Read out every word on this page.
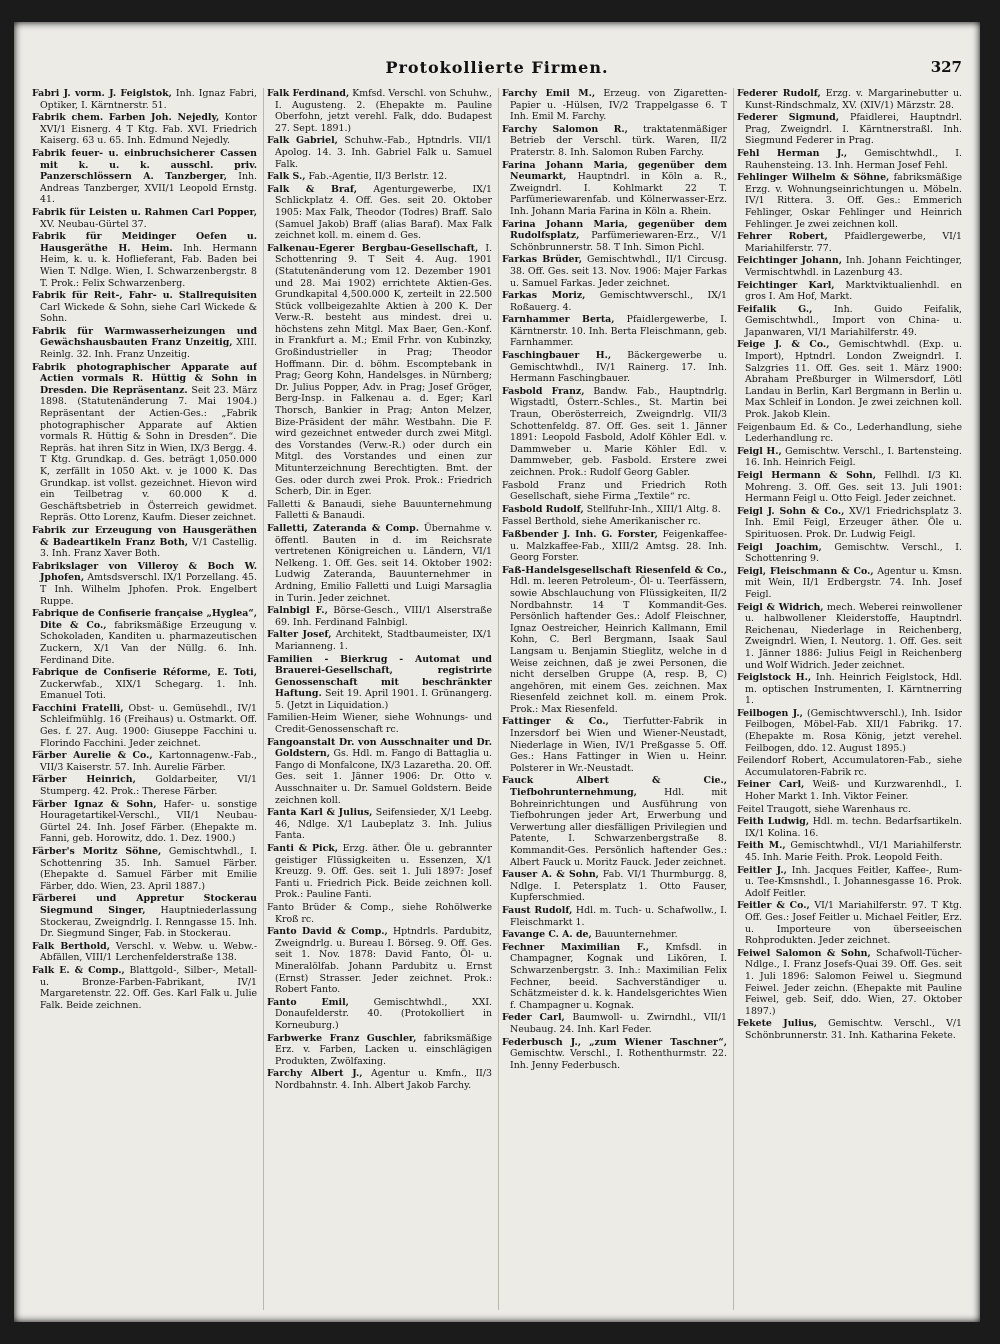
Protokollierte Firmen.	327

Fabri J. vorm. J. Feiglstok, Inh. Ignaz Fabri, Optiker, I. Kärntnerstr. 51.

Fabrik chem. Farben Joh. Nejedly, Kontor XVI/1 Eisnerg. 4 T Ktg. Fab. XVI. Friedrich Kaiserg. 63 u. 65. Inh. Edmund Nejedly.

Fabrik feuer- u. einbruchsicherer Cassen mit k. u. k. ausschl. priv. Panzerschlössern A. Tanzberger, Inh. Andreas Tanzberger, XVII/1 Leopold Ernstg. 41.

Fabrik für Leisten u. Rahmen Carl Popper, XV. Neubau-Gürtel 37.

Fabrik für Meidinger Oefen u. Hausgeräthe H. Heim. Inh. Hermann Heim, k. u. k. Hoflieferant, Fab. Baden bei Wien T. Ndlge. Wien, I. Schwarzenbergstr. 8 T. Prok.: Felix Schwarzenberg.

Fabrik für Reit-, Fahr- u. Stallrequisiten Carl Wickede & Sohn, siehe Carl Wickede & Sohn.

Fabrik für Warmwasserheizungen und Gewächshausbauten Franz Unzeitig, XIII. Reinlg. 32. Inh. Franz Unzeitig.

Fabrik photographischer Apparate auf Actien vormals R. Hüttig & Sohn in Dresden. Die Repräsentanz. Seit 23. März 1898. (Statutenänderung 7. Mai 1904.) Repräsentant der Actien-Ges.: „Fabrik photographischer Apparate auf Aktien vormals R. Hüttig & Sohn in Dresden“. Die Repräs. hat ihren Sitz in Wien, IX/3 Bergg. 4. T Ktg. Grundkap. d. Ges. beträgt 1,050.000 K, zerfällt in 1050 Akt. v. je 1000 K. Das Grundkap. ist vollst. gezeichnet. Hievon wird ein Teilbetrag v. 60.000 K d. Geschäftsbetrieb in Österreich gewidmet. Repräs. Otto Lorenz, Kaufm. Dieser zeichnet.

Fabrik zur Erzeugung von Hausgeräthen & Badeartikeln Franz Both, V/1 Castellig. 3. Inh. Franz Xaver Both.

Fabrikslager von Villeroy & Boch W. Jphofen, Amtsdsverschl. IX/1 Porzellang. 45. T Inh. Wilhelm Jphofen. Prok. Engelbert Ruppe.

Fabrique de Confiserie française „Hyglea“, Dite & Co., fabriksmäßige Erzeugung v. Schokoladen, Kanditen u. pharmazeutischen Zuckern, X/1 Van der Nüllg. 6. Inh. Ferdinand Dite.

Fabrique de Confiserie Réforme, E. Toti, Zuckerwfab., XIX/1 Schegarg. 1. Inh. Emanuel Toti.

Facchini Fratelli, Obst- u. Gemüsehdl., IV/1 Schleifmühlg. 16 (Freihaus) u. Ostmarkt. Off. Ges. f. 27. Aug. 1900: Giuseppe Facchini u. Florindo Facchini. Jeder zeichnet.

Färber Aurelie & Co., Kartonnagenw.-Fab., VII/3 Kaiserstr. 57. Inh. Aurelie Färber.

Färber Heinrich, Goldarbeiter, VI/1 Stumperg. 42. Prok.: Therese Färber.

Färber Ignaz & Sohn, Hafer- u. sonstige Houragetartikel-Verschl., VII/1 Neubau-Gürtel 24. Inh. Josef Färber. (Ehepakte m. Fanni, geb. Horowitz, ddo. 1. Dez. 1900.)

Färber's Moritz Söhne, Gemischtwhdl., I. Schottenring 35. Inh. Samuel Färber. (Ehepakte d. Samuel Färber mit Emilie Färber, ddo. Wien, 23. April 1887.)

Färberei und Appretur Stockerau Siegmund Singer, Hauptniederlassung Stockerau, Zweigndrlg. I. Renngasse 15. Inh. Dr. Siegmund Singer, Fab. in Stockerau.

Falk Berthold, Verschl. v. Webw. u. Webw.-Abfällen, VIII/1 Lerchenfelderstraße 138.

Falk E. & Comp., Blattgold-, Silber-, Metall- u. Bronze-Farben-Fabrikant, IV/1 Margaretenstr. 22. Off. Ges. Karl Falk u. Julie Falk. Beide zeichnen.

Falk Ferdinand, Kmfsd. Verschl. von Schuhw., I. Augusteng. 2. (Ehepakte m. Pauline Oberfohn, jetzt verehl. Falk, ddo. Budapest 27. Sept. 1891.)

Falk Gabriel, Schuhw.-Fab., Hptndrls. VII/1 Apolog. 14. 3. Inh. Gabriel Falk u. Samuel Falk.

Falk S., Fab.-Agentie, II/3 Berlstr. 12.

Falk & Braf, Agenturgewerbe, IX/1 Schlickplatz 4. Off. Ges. seit 20. Oktober 1905: Max Falk, Theodor (Todres) Braff. Salo (Samuel Jakob) Braff (alias Baraf). Max Falk zeichnet koll. m. einem d. Ges.

Falkenau-Egerer Bergbau-Gesellschaft, I. Schottenring 9. T Seit 4. Aug. 1901 (Statutenänderung vom 12. Dezember 1901 und 28. Mai 1902) errichtete Aktien-Ges. Grundkapital 4,500.000 K, zerteilt in 22.500 Stück vollbeigezahlte Aktien à 200 K. Der Verw.-R. besteht aus mindest. drei u. höchstens zehn Mitgl. Max Baer, Gen.-Konf. in Frankfurt a. M.; Emil Frhr. von Kubinzky, Großindustrieller in Prag; Theodor Hoffmann. Dir. d. böhm. Escomptebank in Prag; Georg Kohn, Handelsges. in Nürnberg; Dr. Julius Popper, Adv. in Prag; Josef Gröger, Berg-Insp. in Falkenau a. d. Eger; Karl Thorsch, Bankier in Prag; Anton Melzer, Bize-Präsident der mähr. Westbahn. Die F. wird gezeichnet entweder durch zwei Mitgl. des Vorstandes (Verw.-R.) oder durch ein Mitgl. des Vorstandes und einen zur Mitunterzeichnung Berechtigten. Bmt. der Ges. oder durch zwei Prok. Prok.: Friedrich Scherb, Dir. in Eger.

Falletti & Banaudi, siehe Bauunternehmung Falletti & Banaudi.

Falletti, Zateranda & Comp. Übernahme v. öffentl. Bauten in d. im Reichsrate vertretenen Königreichen u. Ländern, VI/1 Nelkeng. 1. Off. Ges. seit 14. Oktober 1902: Ludwig Zateranda, Bauunternehmer in Ardning, Emilio Falletti und Luigi Marsaglia in Turin. Jeder zeichnet.

Falnbigl F., Börse-Gesch., VIII/1 Alserstraße 69. Inh. Ferdinand Falnbigl.

Falter Josef, Architekt, Stadtbaumeister, IX/1 Marianneng. 1.

Familien - Bierkrug - Automat und Brauerei-Gesellschaft, registrirte Genossenschaft mit beschränkter Haftung. Seit 19. April 1901. I. Grünangerg. 5. (Jetzt in Liquidation.)

Familien-Heim Wiener, siehe Wohnungs- und Credit-Genossenschaft rc.

Fangoanstalt Dr. von Ausschnaiter und Dr. Goldstern, Gs. Hdl. m. Fango di Battaglia u. Fango di Monfalcone, IX/3 Lazaretha. 20. Off. Ges. seit 1. Jänner 1906: Dr. Otto v. Ausschnaiter u. Dr. Samuel Goldstern. Beide zeichnen koll.

Fanta Karl & Julius, Seifensieder, X/1 Leebg. 46, Ndlge. X/1 Laubeplatz 3. Inh. Julius Fanta.

Fanti & Pick, Erzg. äther. Öle u. gebrannter geistiger Flüssigkeiten u. Essenzen, X/1 Kreuzg. 9. Off. Ges. seit 1. Juli 1897: Josef Fanti u. Friedrich Pick. Beide zeichnen koll. Prok.: Pauline Fanti.

Fanto Brüder & Comp., siehe Rohölwerke Kroß rc.

Fanto David & Comp., Hptndrls. Pardubitz, Zweigndrlg. u. Bureau I. Börseg. 9. Off. Ges. seit 1. Nov. 1878: David Fanto, Öl- u. Mineralölfab. Johann Pardubitz u. Ernst (Ernst) Strasser. Jeder zeichnet. Prok.: Robert Fanto.

Fanto Emil,	Gemischtwhdl., XXI. Donaufelderstr. 40. (Protokolliert in Korneuburg.)

Farbwerke Franz Guschler, fabriksmäßige Erz. v. Farben, Lacken u. einschlägigen Produkten, Zwölfaxing.

Farchy Albert J., Agentur u. Kmfn., II/3 Nordbahnstr. 4. Inh. Albert Jakob Farchy.

Farchy Emil M., Erzeug. von Zigaretten-Papier u. -Hülsen, IV/2 Trappelgasse 6. T Inh. Emil M. Farchy.

Farchy Salomon R., traktatenmäßiger Betrieb der Verschl. türk. Waren, II/2 Praterstr. 8. Inh. Salomon Ruben Farchy.

Farina Johann Maria, gegenüber dem Neumarkt, Hauptndrl. in Köln a. R., Zweigndrl. I. Kohlmarkt 22 T. Parfümeriewarenfab. und Kölnerwasser-Erz. Inh. Johann Maria Farina in Köln a. Rhein.

Farina Johann Maria, gegenüber dem Rudolfsplatz, Parfümeriewaren-Erz., V/1 Schönbrunnerstr. 58. T Inh. Simon Pichl.

Farkas Brüder, Gemischtwhdl., II/1 Circusg. 38. Off. Ges. seit 13. Nov. 1906: Majer Farkas u. Samuel Farkas. Jeder zeichnet.

Farkas Moriz, Gemischtwverschl., IX/1 Roßauerg. 4.

Farnhammer Berta, Pfaidlergewerbe, I. Kärntnerstr. 10. Inh. Berta Fleischmann, geb. Farnhammer.

Faschingbauer H., Bäckergewerbe u. Gemischtwhdl., IV/1 Rainerg. 17. Inh. Hermann Faschingbauer.

Fasbold Franz, Bandw. Fab., Hauptndrlg. Wigstadtl, Österr.-Schles., St. Martin bei Traun, Oberösterreich, Zweigndrlg. VII/3 Schottenfeldg. 87. Off. Ges. seit 1. Jänner 1891: Leopold Fasbold, Adolf Köhler Edl. v. Dammweber u. Marie Köhler Edl. v. Dammweber, geb. Fasbold. Erstere zwei zeichnen. Prok.: Rudolf Georg Gabler.

Fasbold Franz und Friedrich Roth Gesellschaft, siehe Firma „Textile“ rc.

Fasbold Rudolf, Stellfuhr-Inh., XIII/1 Altg. 8.

Fassel Berthold, siehe Amerikanischer rc.

Faßbender J. Inh. G. Forster, Feigenkaffee- u. Malzkaffee-Fab., XIII/2 Amtsg. 28. Inh. Georg Forster.

Faß-Handelsgesellschaft Riesenfeld & Co., Hdl. m. leeren Petroleum-, Öl- u. Teerfässern, sowie Abschlauchung von Flüssigkeiten, II/2 Nordbahnstr. 14 T Kommandit-Ges. Persönlich haftender Ges.: Adolf Fleischner, Ignaz Oestreicher, Heinrich Kallmann, Emil Kohn, C. Berl Bergmann, Isaak Saul Langsam u. Benjamin Stieglitz, welche in d Weise zeichnen, daß je zwei Personen, die nicht derselben Gruppe (A, resp. B, C) angehören, mit einem Ges. zeichnen. Max Riesenfeld zeichnet koll. m. einem Prok. Prok.: Max Riesenfeld.

Fattinger & Co., Tierfutter-Fabrik in Inzersdorf bei Wien und Wiener-Neustadt, Niederlage in Wien, IV/1 Preßgasse 5. Off. Ges.: Hans Fattinger in Wien u. Heinr. Polsterer in Wr.-Neustadt.

Fauck Albert & Cie., Tiefbohrunternehmung,	Hdl. mit Bohreinrichtungen und Ausführung von Tiefbohrungen jeder Art, Erwerbung und Verwertung aller diesfälligen Privilegien und Patente, I. Schwarzenbergstraße 8. Kommandit-Ges. Persönlich haftender Ges.: Albert Fauck u. Moritz Fauck. Jeder zeichnet.

Fauser A. & Sohn, Fab. VI/1 Thurmburgg. 8, Ndlge. I. Petersplatz 1. Otto Fauser, Kupferschmied.

Faust Rudolf, Hdl. m. Tuch- u. Schafwollw., I. Fleischmarkt 1.

Favange C. A. de, Bauunternehmer.

Fechner Maximilian F., Kmfsdl. in Champagner, Kognak und Likören, I. Schwarzenbergstr. 3. Inh.: Maximilian Felix Fechner, beeid. Sachverständiger u. Schätzmeister d. k. k. Handelsgerichtes Wien f. Champagner u. Kognak.

Feder Carl, Baumwoll- u. Zwirndhl., VII/1 Neubaug. 24. Inh. Karl Feder.

Federbusch J., „zum Wiener Taschner“, Gemischtw. Verschl., I. Rothenthurmstr. 22. Inh. Jenny Federbusch.

Federer Rudolf, Erzg. v. Margarinebutter u. Kunst-Rindschmalz, XV. (XIV/1) Märzstr. 28.

Federer Sigmund, Pfaidlerei, Hauptndrl. Prag, Zweigndrl. I. Kärntnerstraßl. Inh. Siegmund Federer in Prag.

Fehl Herman J., Gemischtwhdl., I. Rauhensteing. 13. Inh. Herman Josef Fehl.

Fehlinger Wilhelm & Söhne, fabriksmäßige Erzg. v. Wohnungseinrichtungen u. Möbeln. IV/1 Rittera. 3. Off. Ges.: Emmerich Fehlinger, Oskar Fehlinger und Heinrich Fehlinger. Je zwei zeichnen koll.

Fehrer Robert, Pfaidlergewerbe, VI/1 Mariahilferstr. 77.

Feichtinger Johann, Inh. Johann Feichtinger, Vermischtwhdl. in Lazenburg 43.

Feichtinger Karl, Marktviktualienhdl. en gros I. Am Hof, Markt.

Feifalik G., Inh. Guido Feifalik, Gemischtwhdl., Import von China- u. Japanwaren, VI/1 Mariahilferstr. 49.

Feige J. & Co., Gemischtwhdl. (Exp. u. Import), Hptndrl. London Zweigndrl. I. Salzgries 11. Off. Ges. seit 1. März 1900: Abraham Preßburger in Wilmersdorf, Lötl Landau in Berlin, Karl Bergmann in Berlin u. Max Schleif in London. Je zwei zeichnen koll. Prok. Jakob Klein.

Feigenbaum Ed. & Co., Lederhandlung, siehe Lederhandlung rc.

Feigl H., Gemischtw. Verschl., I. Bartensteing. 16. Inh. Heinrich Feigl.

Feigl Hermann & Sohn, Fellhdl. I/3 Kl. Mohreng. 3. Off. Ges. seit 13. Juli 1901: Hermann Feigl u. Otto Feigl. Jeder zeichnet.

Feigl J. Sohn & Co., XV/1 Friedrichsplatz 3. Inh. Emil Feigl, Erzeuger äther. Öle u. Spirituosen. Prok. Dr. Ludwig Feigl.

Feigl Joachim, Gemischtw. Verschl., I. Schottenring 9.

Feigl, Fleischmann & Co., Agentur u. Kmsn. mit Wein, II/1 Erdbergstr. 74. Inh. Josef Feigl.

Feigl & Widrich, mech. Weberei reinwollener u. halbwollener Kleiderstoffe, Hauptndrl. Reichenau, Niederlage in Reichenberg, Zweigndrl. Wien, I. Neutorg. 1. Off. Ges. seit 1. Jänner 1886: Julius Feigl in Reichenberg und Wolf Widrich. Jeder zeichnet.

Feiglstock H., Inh. Heinrich Feiglstock, Hdl. m. optischen Instrumenten, I. Kärntnerring 1.

Feilbogen J., (Gemischtwverschl.), Inh. Isidor Feilbogen, Möbel-Fab. XII/1 Fabrikg. 17. (Ehepakte m. Rosa König, jetzt verehel. Feilbogen, ddo. 12. August 1895.)

Feilendorf Robert, Accumulatoren-Fab., siehe Accumulatoren-Fabrik rc.

Feiner Carl, Weiß- und Kurzwarenhdl., I. Hoher Markt 1. Inh. Viktor Feiner.

Feitel Traugott, siehe Warenhaus rc.

Feith Ludwig, Hdl. m. techn. Bedarfsartikeln. IX/1 Kolina. 16.

Feith M., Gemischtwhdl., VI/1 Mariahilferstr. 45. Inh. Marie Feith. Prok. Leopold Feith.

Feitler J., Inh. Jacques Feitler, Kaffee-, Rum- u. Tee-Kmsnshdl., I. Johannesgasse 16. Prok. Adolf Feitler.

Feitler & Co., VI/1 Mariahilferstr. 97. T Ktg. Off. Ges.: Josef Feitler u. Michael Feitler, Erz. u. Importeure von überseeischen Rohprodukten. Jeder zeichnet.

Feiwel Salomon & Sohn, Schafwoll-Tücher-Ndlge., I. Franz Josefs-Quai 39. Off. Ges. seit 1. Juli 1896: Salomon Feiwel u. Siegmund Feiwel. Jeder zeichn. (Ehepakte mit Pauline Feiwel, geb. Seif, ddo. Wien, 27. Oktober 1897.)

Fekete Julius, Gemischtw. Verschl., V/1 Schönbrunnerstr. 31. Inh. Katharina Fekete.
